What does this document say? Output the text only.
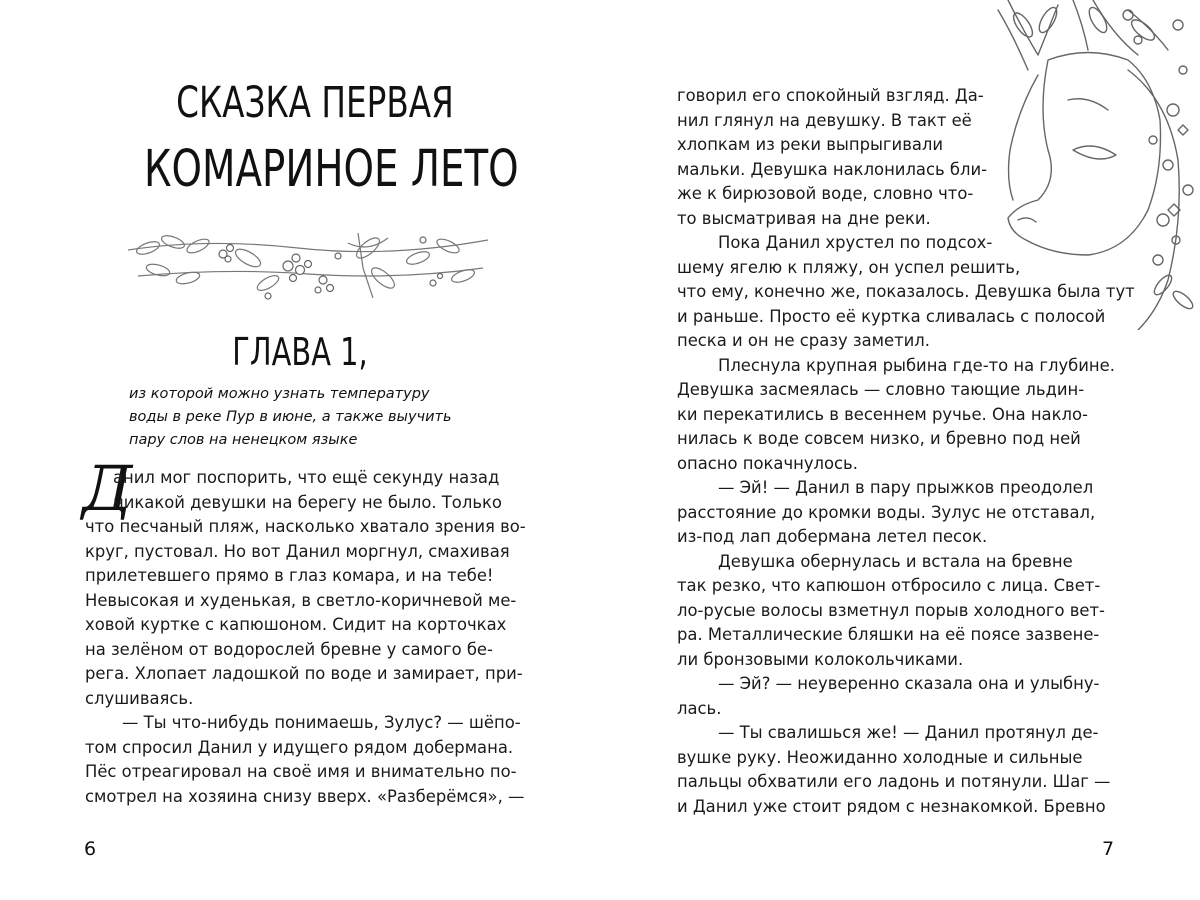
СКАЗКА ПЕРВАЯ
КОМАРИНОЕ ЛЕТО
ГЛАВА 1,
из которой можно узнать температуру
воды в реке Пур в июне, а также выучить
пару слов на ненецком языке
Д
анил мог поспорить, что ещё секунду назад
никакой девушки на берегу не было. Только
что песчаный пляж, насколько хватало зрения во-
круг, пустовал. Но вот Данил моргнул, смахивая
прилетевшего прямо в глаз комара, и на тебе!
Невысокая и худенькая, в светло-коричневой ме-
ховой куртке с капюшоном. Сидит на корточках
на зелёном от водорослей бревне у самого бе-
рега. Хлопает ладошкой по воде и замирает, при-
слушиваясь.
— Ты что-нибудь понимаешь, Зулус? — шёпо-
том спросил Данил у идущего рядом добермана.
Пёс отреагировал на своё имя и внимательно по-
смотрел на хозяина снизу вверх. «Разберёмся», —
6
говорил его спокойный взгляд. Да-
нил глянул на девушку. В такт её
хлопкам из реки выпрыгивали
мальки. Девушка наклонилась бли-
же к бирюзовой воде, словно что-
то высматривая на дне реки.
Пока Данил хрустел по подсох-
шему ягелю к пляжу, он успел решить,
что ему, конечно же, показалось. Девушка была тут
и раньше. Просто её куртка сливалась с полосой
песка и он не сразу заметил.
Плеснула крупная рыбина где-то на глубине.
Девушка засмеялась — словно тающие льдин-
ки перекатились в весеннем ручье. Она накло-
нилась к воде совсем низко, и бревно под ней
опасно покачнулось.
— Эй! — Данил в пару прыжков преодолел
расстояние до кромки воды. Зулус не отставал,
из-под лап добермана летел песок.
Девушка обернулась и встала на бревне
так резко, что капюшон отбросило с лица. Свет-
ло-русые волосы взметнул порыв холодного вет-
ра. Металлические бляшки на её поясе зазвене-
ли бронзовыми колокольчиками.
— Эй? — неуверенно сказала она и улыбну-
лась.
— Ты свалишься же! — Данил протянул де-
вушке руку. Неожиданно холодные и сильные
пальцы обхватили его ладонь и потянули. Шаг —
и Данил уже стоит рядом с незнакомкой. Бревно
7
